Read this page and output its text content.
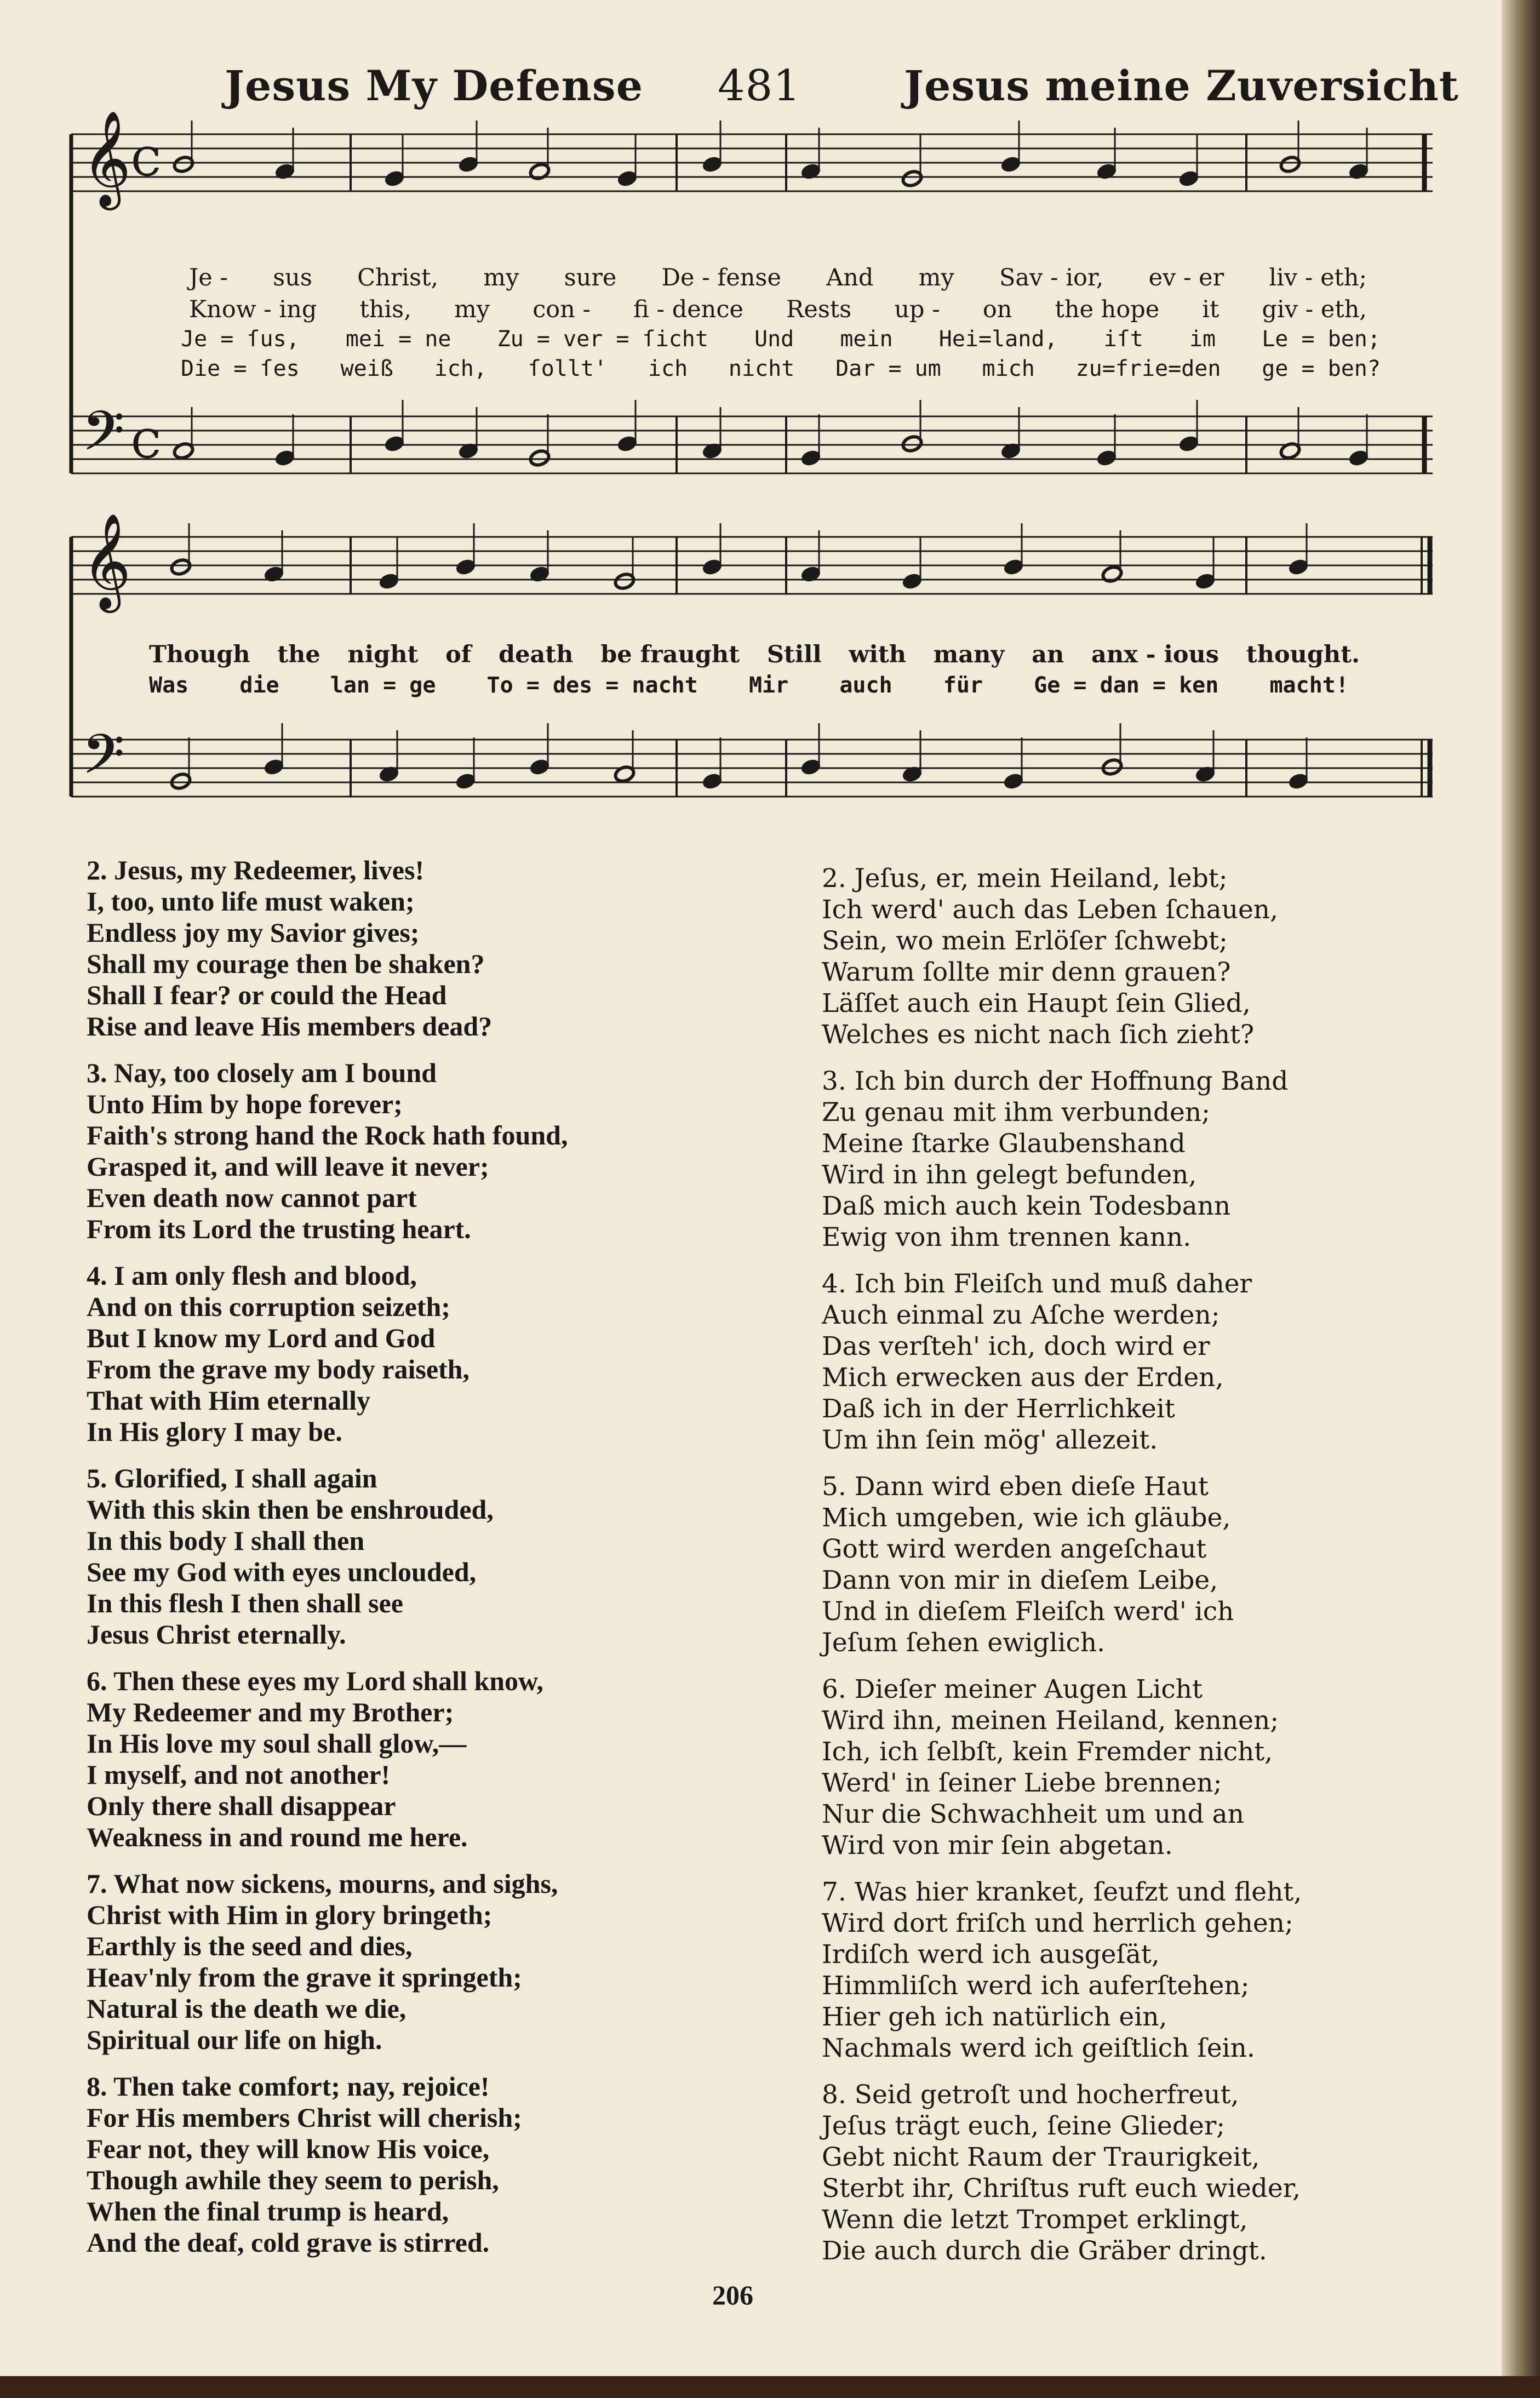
Jesus My Defense 481 Jesus meine Zuversicht
𝄞
𝄢
C
C
𝄞
𝄢
Je - sus Christ, my sure De - fense And my Sav - ior, ev - er liv - eth;
Know - ing this, my con - fi - dence Rests up - on the hope it giv - eth,
Je = ſus, mei = ne Zu = ver = ſicht Und mein Hei=land, iſt im Le = ben;
Die = ſes weiß ich, ſollt' ich nicht Dar = um mich zu=frie=den ge = ben?
Though the night of death be fraught Still with many an anx - ious thought.
Was die lan = ge To = des = nacht Mir auch für Ge = dan = ken macht!
2. Jesus, my Redeemer, lives!
I, too, unto life must waken;
Endless joy my Savior gives;
Shall my courage then be shaken?
Shall I fear? or could the Head
Rise and leave His members dead?
3. Nay, too closely am I bound
Unto Him by hope forever;
Faith's strong hand the Rock hath found,
Grasped it, and will leave it never;
Even death now cannot part
From its Lord the trusting heart.
4. I am only flesh and blood,
And on this corruption seizeth;
But I know my Lord and God
From the grave my body raiseth,
That with Him eternally
In His glory I may be.
5. Glorified, I shall again
With this skin then be enshrouded,
In this body I shall then
See my God with eyes unclouded,
In this flesh I then shall see
Jesus Christ eternally.
6. Then these eyes my Lord shall know,
My Redeemer and my Brother;
In His love my soul shall glow,—
I myself, and not another!
Only there shall disappear
Weakness in and round me here.
7. What now sickens, mourns, and sighs,
Christ with Him in glory bringeth;
Earthly is the seed and dies,
Heav'nly from the grave it springeth;
Natural is the death we die,
Spiritual our life on high.
8. Then take comfort; nay, rejoice!
For His members Christ will cherish;
Fear not, they will know His voice,
Though awhile they seem to perish,
When the final trump is heard,
And the deaf, cold grave is stirred.
2. Jeſus, er, mein Heiland, lebt;
Ich werd' auch das Leben ſchauen,
Sein, wo mein Erlöſer ſchwebt;
Warum ſollte mir denn grauen?
Läſſet auch ein Haupt ſein Glied,
Welches es nicht nach ſich zieht?
3. Ich bin durch der Hoffnung Band
Zu genau mit ihm verbunden;
Meine ſtarke Glaubenshand
Wird in ihn gelegt befunden,
Daß mich auch kein Todesbann
Ewig von ihm trennen kann.
4. Ich bin Fleiſch und muß daher
Auch einmal zu Aſche werden;
Das verſteh' ich, doch wird er
Mich erwecken aus der Erden,
Daß ich in der Herrlichkeit
Um ihn ſein mög' allezeit.
5. Dann wird eben dieſe Haut
Mich umgeben, wie ich gläube,
Gott wird werden angeſchaut
Dann von mir in dieſem Leibe,
Und in dieſem Fleiſch werd' ich
Jeſum ſehen ewiglich.
6. Dieſer meiner Augen Licht
Wird ihn, meinen Heiland, kennen;
Ich, ich ſelbſt, kein Fremder nicht,
Werd' in ſeiner Liebe brennen;
Nur die Schwachheit um und an
Wird von mir ſein abgetan.
7. Was hier kranket, ſeufzt und fleht,
Wird dort friſch und herrlich gehen;
Irdiſch werd ich ausgeſät,
Himmliſch werd ich auferſtehen;
Hier geh ich natürlich ein,
Nachmals werd ich geiſtlich ſein.
8. Seid getroſt und hocherfreut,
Jeſus trägt euch, ſeine Glieder;
Gebt nicht Raum der Traurigkeit,
Sterbt ihr, Chriſtus ruft euch wieder,
Wenn die letzt Trompet erklingt,
Die auch durch die Gräber dringt.
206
